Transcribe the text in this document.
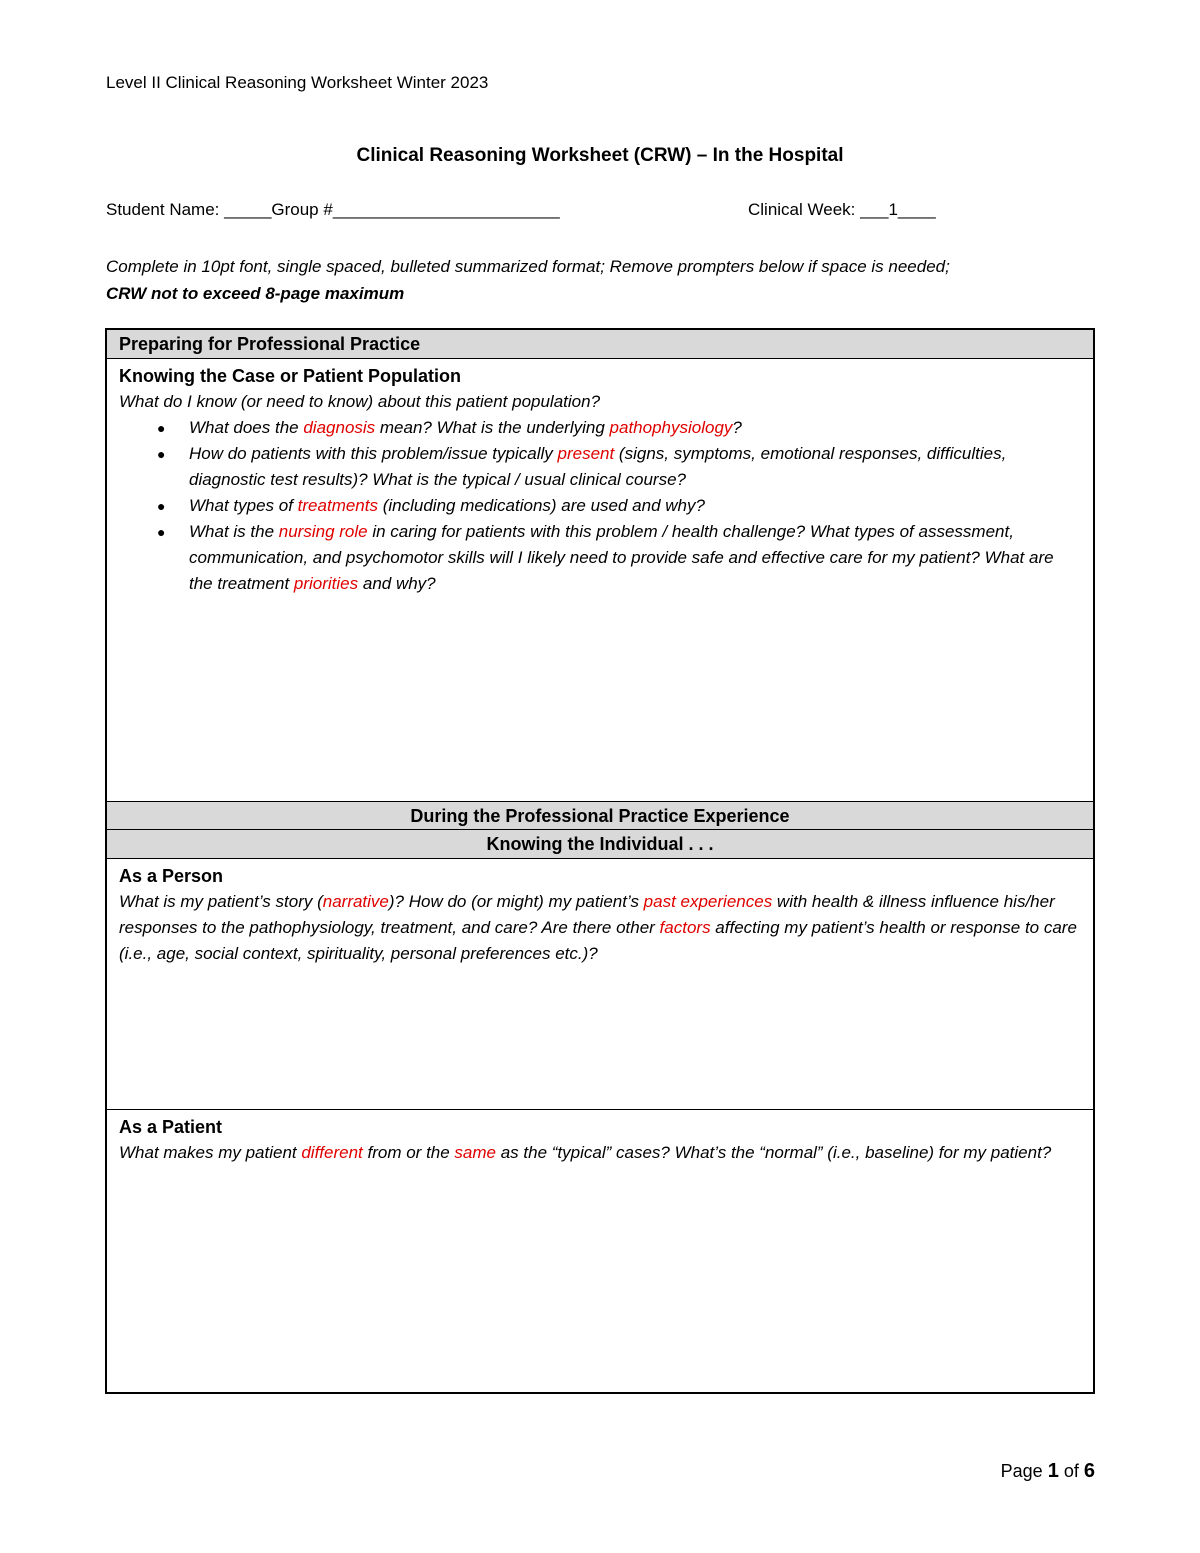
Level II Clinical Reasoning Worksheet Winter 2023
Clinical Reasoning Worksheet (CRW) – In the Hospital
Student Name: _____Group #________________________	Clinical Week: ___1____
Complete in 10pt font, single spaced, bulleted summarized format; Remove prompters below if space is needed;
CRW not to exceed 8-page maximum
Preparing for Professional Practice
Knowing the Case or Patient Population
What do I know (or need to know) about this patient population?
● What does the diagnosis mean? What is the underlying pathophysiology?
● How do patients with this problem/issue typically present (signs, symptoms, emotional responses, difficulties, diagnostic test results)? What is the typical / usual clinical course?
● What types of treatments (including medications) are used and why?
● What is the nursing role in caring for patients with this problem / health challenge? What types of assessment, communication, and psychomotor skills will I likely need to provide safe and effective care for my patient? What are the treatment priorities and why?
During the Professional Practice Experience
Knowing the Individual . . .
As a Person
What is my patient’s story (narrative)? How do (or might) my patient’s past experiences with health & illness influence his/her responses to the pathophysiology, treatment, and care? Are there other factors affecting my patient’s health or response to care (i.e., age, social context, spirituality, personal preferences etc.)?
As a Patient
What makes my patient different from or the same as the “typical” cases? What’s the “normal” (i.e., baseline) for my patient?
Page 1 of 6
